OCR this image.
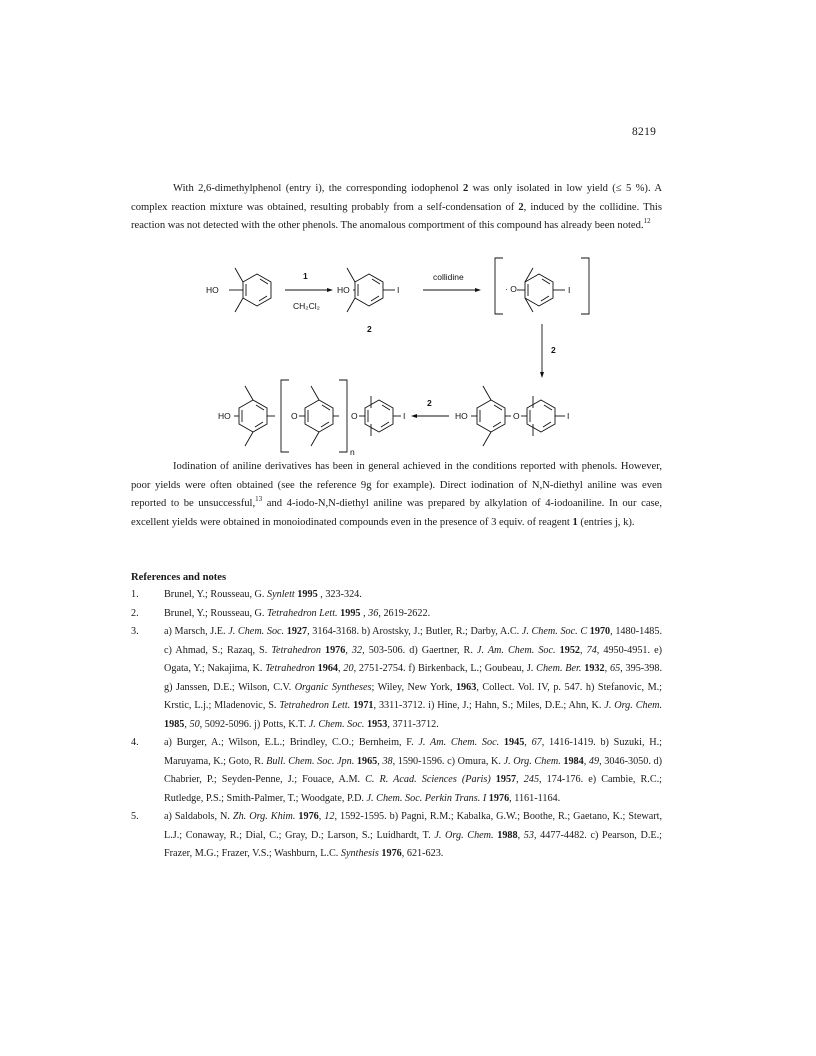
8219

With 2,6-dimethylphenol (entry i), the corresponding iodophenol 2 was only isolated in low yield (≤ 5 %). A complex reaction mixture was obtained, resulting probably from a self-condensation of 2, induced by the collidine. This reaction was not detected with the other phenols. The anomalous comportment of this compound has already been noted.$^{12}$

HO
1
CH₂Cl₂
HO	I
2
collidine
· O	I
2
HO	O
n
O	I
2
HO	O	I

Iodination of aniline derivatives has been in general achieved in the conditions reported with phenols. However, poor yields were often obtained (see the reference 9g for example). Direct iodination of N,N-diethyl aniline was even reported to be unsuccessful,$^{13}$ and 4-iodo-N,N-diethyl aniline was prepared by alkylation of 4-iodoaniline. In our case, excellent yields were obtained in monoiodinated compounds even in the presence of 3 equiv. of reagent 1 (entries j, k).

References and notes
1. Brunel, Y.; Rousseau, G. Synlett 1995 , 323-324.
2. Brunel, Y.; Rousseau, G. Tetrahedron Lett. 1995 , 36, 2619-2622.
3. a) Marsch, J.E. J. Chem. Soc. 1927, 3164-3168. b) Arostsky, J.; Butler, R.; Darby, A.C. J. Chem. Soc. C 1970, 1480-1485. c) Ahmad, S.; Razaq, S. Tetrahedron 1976, 32, 503-506. d) Gaertner, R. J. Am. Chem. Soc. 1952, 74, 4950-4951. e) Ogata, Y.; Nakajima, K. Tetrahedron 1964, 20, 2751-2754. f) Birkenback, L.; Goubeau, J. Chem. Ber. 1932, 65, 395-398. g) Janssen, D.E.; Wilson, C.V. Organic Syntheses; Wiley, New York, 1963, Collect. Vol. IV, p. 547. h) Stefanovic, M.; Krstic, L.j.; Mladenovic, S. Tetrahedron Lett. 1971, 3311-3712. i) Hine, J.; Hahn, S.; Miles, D.E.; Ahn, K. J. Org. Chem. 1985, 50, 5092-5096. j) Potts, K.T. J. Chem. Soc. 1953, 3711-3712.
4. a) Burger, A.; Wilson, E.L.; Brindley, C.O.; Bernheim, F. J. Am. Chem. Soc. 1945, 67, 1416-1419. b) Suzuki, H.; Maruyama, K.; Goto, R. Bull. Chem. Soc. Jpn. 1965, 38, 1590-1596. c) Omura, K. J. Org. Chem. 1984, 49, 3046-3050. d) Chabrier, P.; Seyden-Penne, J.; Fouace, A.M. C. R. Acad. Sciences (Paris) 1957, 245, 174-176. e) Cambie, R.C.; Rutledge, P.S.; Smith-Palmer, T.; Woodgate, P.D. J. Chem. Soc. Perkin Trans. I 1976, 1161-1164.
5. a) Saldabols, N. Zh. Org. Khim. 1976, 12, 1592-1595. b) Pagni, R.M.; Kabalka, G.W.; Boothe, R.; Gaetano, K.; Stewart, L.J.; Conaway, R.; Dial, C.; Gray, D.; Larson, S.; Luidhardt, T. J. Org. Chem. 1988, 53, 4477-4482. c) Pearson, D.E.; Frazer, M.G.; Frazer, V.S.; Washburn, L.C. Synthesis 1976, 621-623.
